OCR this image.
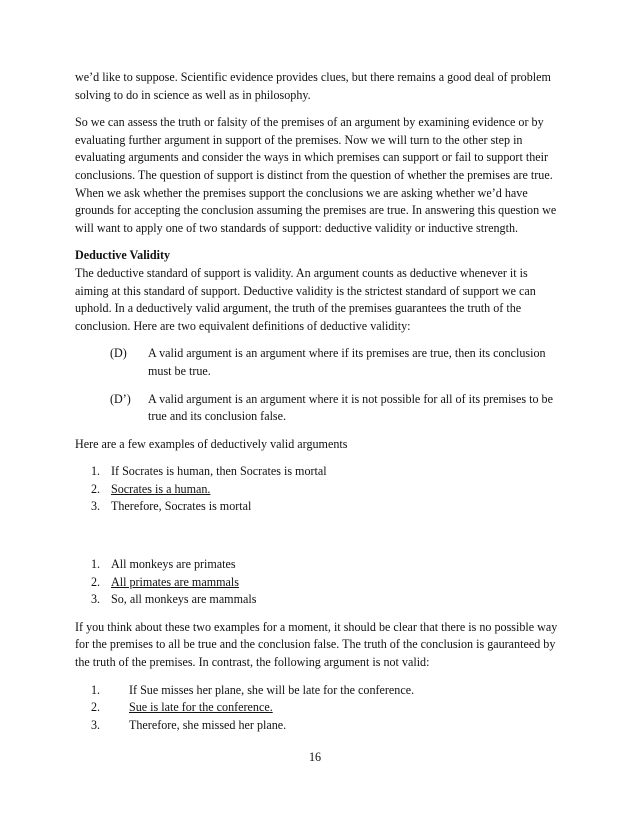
we’d like to suppose. Scientific evidence provides clues, but there remains a good deal of problem solving to do in science as well as in philosophy.

So we can assess the truth or falsity of the premises of an argument by examining evidence or by evaluating further argument in support of the premises. Now we will turn to the other step in evaluating arguments and consider the ways in which premises can support or fail to support their conclusions. The question of support is distinct from the question of whether the premises are true. When we ask whether the premises support the conclusions we are asking whether we’d have grounds for accepting the conclusion assuming the premises are true. In answering this question we will want to apply one of two standards of support: deductive validity or inductive strength.

Deductive Validity

The deductive standard of support is validity. An argument counts as deductive whenever it is aiming at this standard of support. Deductive validity is the strictest standard of support we can uphold. In a deductively valid argument, the truth of the premises guarantees the truth of the conclusion. Here are two equivalent definitions of deductive validity:

(D)	A valid argument is an argument where if its premises are true, then its conclusion must be true.
(D’)	A valid argument is an argument where it is not possible for all of its premises to be true and its conclusion false.

Here are a few examples of deductively valid arguments

1. If Socrates is human, then Socrates is mortal
2. Socrates is a human.
3. Therefore, Socrates is mortal
1. All monkeys are primates
2. All primates are mammals
3. So, all monkeys are mammals

If you think about these two examples for a moment, it should be clear that there is no possible way for the premises to all be true and the conclusion false. The truth of the conclusion is gauranteed by the truth of the premises. In contrast, the following argument is not valid:

1.	If Sue misses her plane, she will be late for the conference.
2.	Sue is late for the conference.
3.	Therefore, she missed her plane.
16
